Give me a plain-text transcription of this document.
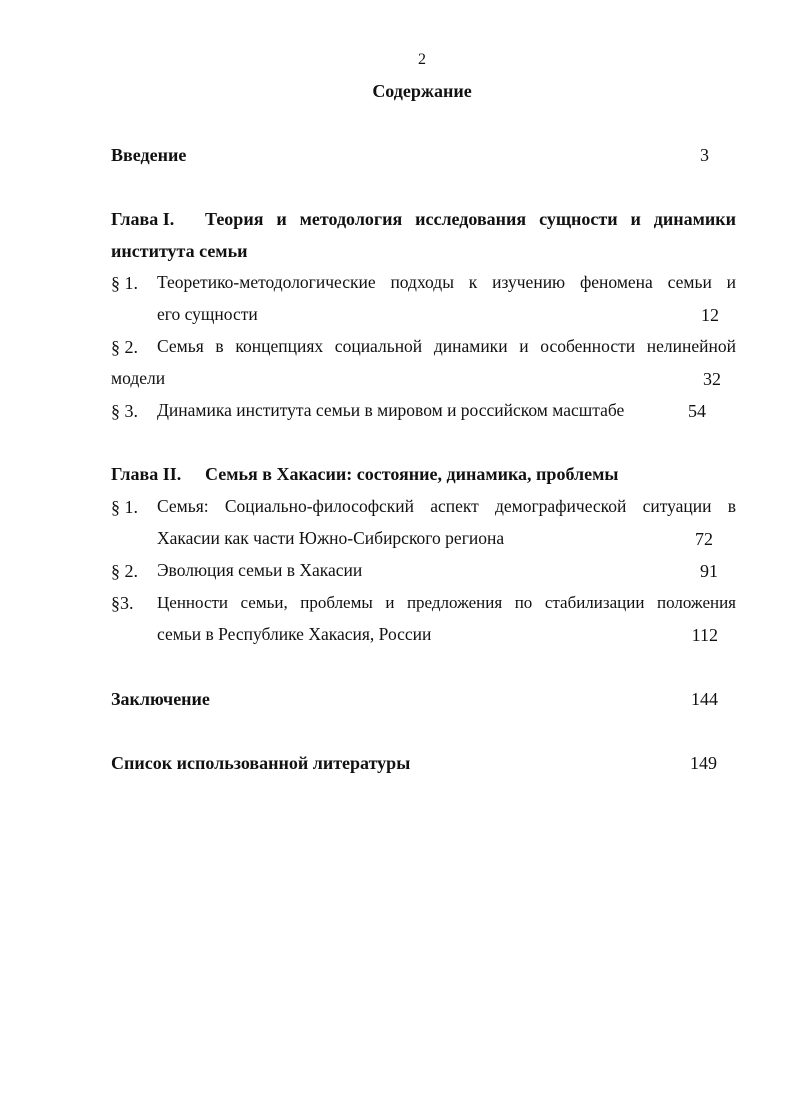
2
Содержание
Введение	3
Глава I. Теория и методология исследования сущности и динамики
института семьи
§ 1. Теоретико-методологические подходы к изучению феномена семьи и
его сущности	12
§ 2. Семья в концепциях социальной динамики и особенности нелинейной
модели	32
§ 3. Динамика института семьи в мировом и российском масштабе	54
Глава II. Семья в Хакасии: состояние, динамика, проблемы
§ 1. Семья: Социально-философский аспект демографической ситуации в
Хакасии как части Южно-Сибирского региона	72
§ 2. Эволюция семьи в Хакасии	91
§3. Ценности семьи, проблемы и предложения по стабилизации положения
семьи в Республике Хакасия, России	112
Заключение	144
Список использованной литературы	149
